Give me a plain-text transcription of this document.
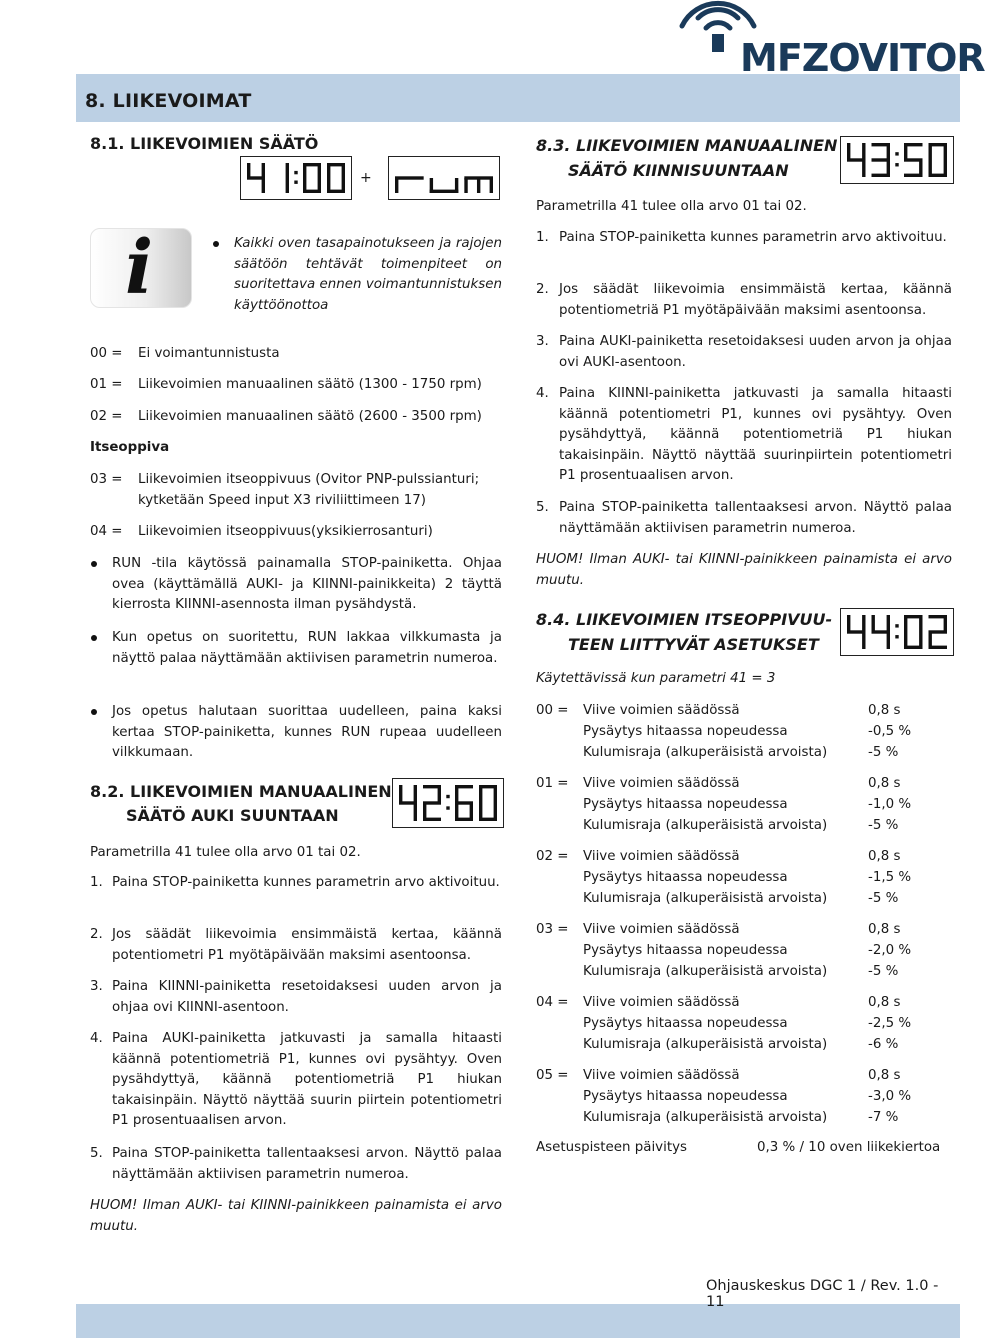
8. LIIKEVOIMAT
MFZOVITOR
8.1. LIIKEVOIMIEN SÄÄTÖ
+
i	Kaikki oven tasapainotukseen ja rajojen säätöön tehtävät toimenpiteet on suoritettava ennen voimantunnistuksen käyttöönottoa
00 = Ei voimantunnistusta
01 = Liikevoimien manuaalinen säätö (1300 - 1750 rpm)
02 = Liikevoimien manuaalinen säätö (2600 - 3500 rpm)
Itseoppiva
03 = Liikevoimien itseoppivuus (Ovitor PNP-pulssianturi; kytketään Speed input X3 riviliittimeen 17)
04 = Liikevoimien itseoppivuus(yksikierrosanturi)
RUN -tila käytössä painamalla STOP-painiketta. Ohjaa ovea (käyttämällä AUKI- ja KIINNI-painikkeita) 2 täyttä kierrosta KIINNI-asennosta ilman pysähdystä.
Kun opetus on suoritettu, RUN lakkaa vilkkumasta ja näyttö palaa näyttämään aktiivisen parametrin numeroa.
Jos opetus halutaan suorittaa uudelleen, paina kaksi kertaa STOP-painiketta, kunnes RUN rupeaa uudelleen vilkkumaan.
8.2. LIIKEVOIMIEN MANUAALINEN
SÄÄTÖ AUKI SUUNTAAN
Parametrilla 41 tulee olla arvo 01 tai 02.
1. Paina STOP-painiketta kunnes parametrin arvo aktivoituu.
2. Jos säädät liikevoimia ensimmäistä kertaa, käännä potentiometri P1 myötäpäivään maksimi asentoonsa.
3. Paina KIINNI-painiketta resetoidaksesi uuden arvon ja ohjaa ovi KIINNI-asentoon.
4. Paina AUKI-painiketta jatkuvasti ja samalla hitaasti käännä potentiometriä P1, kunnes ovi pysähtyy. Oven pysähdyttyä, käännä potentiometriä P1 hiukan takaisinpäin. Näyttö näyttää suurin piirtein potentiometri P1 prosentuaalisen arvon.
5. Paina STOP-painiketta tallentaaksesi arvon. Näyttö palaa näyttämään aktiivisen parametrin numeroa.
HUOM! Ilman AUKI- tai KIINNI-painikkeen painamista ei arvo muutu.
8.3. LIIKEVOIMIEN MANUAALINEN
SÄÄTÖ KIINNISUUNTAAN
Parametrilla 41 tulee olla arvo 01 tai 02.
1. Paina STOP-painiketta kunnes parametrin arvo aktivoituu.
2. Jos säädät liikevoimia ensimmäistä kertaa, käännä potentiometriä P1 myötäpäivään maksimi asentoonsa.
3. Paina AUKI-painiketta resetoidaksesi uuden arvon ja ohjaa ovi AUKI-asentoon.
4. Paina KIINNI-painiketta jatkuvasti ja samalla hitaasti käännä potentiometri P1, kunnes ovi pysähtyy. Oven pysähdyttyä, käännä potentiometriä P1 hiukan takaisinpäin. Näyttö näyttää suurinpiirtein potentiometri P1 prosentuaalisen arvon.
5. Paina STOP-painiketta tallentaaksesi arvon. Näyttö palaa näyttämään aktiivisen parametrin numeroa.
HUOM! Ilman AUKI- tai KIINNI-painikkeen painamista ei arvo muutu.
8.4. LIIKEVOIMIEN ITSEOPPIVUU-
TEEN LIITTYVÄT ASETUKSET
Käytettävissä kun parametri 41 = 3
00 = Viive voimien säädössä	0,8 s
Pysäytys hitaassa nopeudessa	-0,5 %
Kulumisraja (alkuperäisistä arvoista)	-5 %
01 = Viive voimien säädössä	0,8 s
Pysäytys hitaassa nopeudessa	-1,0 %
Kulumisraja (alkuperäisistä arvoista)	-5 %
02 = Viive voimien säädössä	0,8 s
Pysäytys hitaassa nopeudessa	-1,5 %
Kulumisraja (alkuperäisistä arvoista)	-5 %
03 = Viive voimien säädössä	0,8 s
Pysäytys hitaassa nopeudessa	-2,0 %
Kulumisraja (alkuperäisistä arvoista)	-5 %
04 = Viive voimien säädössä	0,8 s
Pysäytys hitaassa nopeudessa	-2,5 %
Kulumisraja (alkuperäisistä arvoista)	-6 %
05 = Viive voimien säädössä	0,8 s
Pysäytys hitaassa nopeudessa	-3,0 %
Kulumisraja (alkuperäisistä arvoista)	-7 %
Asetuspisteen päivitys	0,3 % / 10 oven liikekiertoa
Ohjauskeskus DGC 1 / Rev. 1.0 - 11
